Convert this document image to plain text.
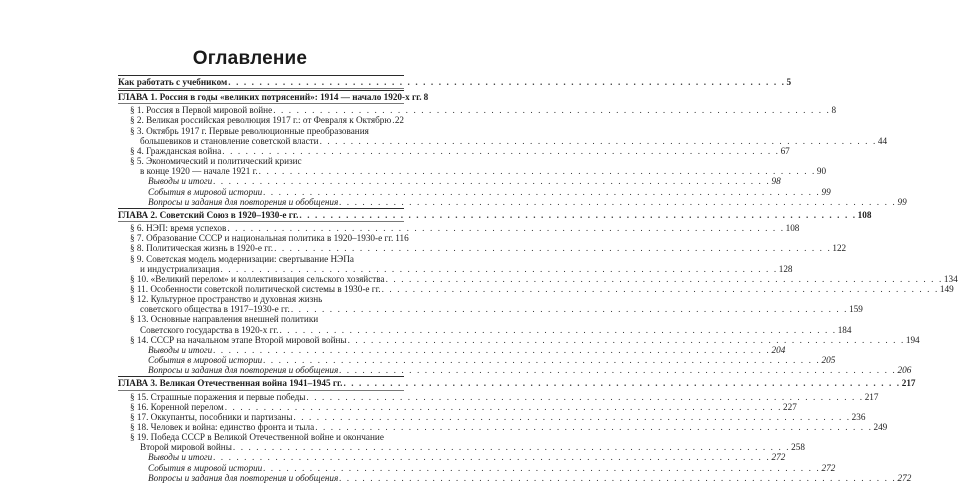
Оглавление
Как работать с учебником . . . . . . . . . . . . . . . . . . . . . . . . . . . . . . . . . . . . . . . . . . . . . . . . . . . . . . . . . . . . . . . . . . . . . . . . 5
ГЛАВА 1. Россия в годы «великих потрясений»: 1914 — начало 1920-х гг. 8
§ 1. Россия в Первой мировой войне . . . . . . . . . . . . . . . . . . . . . . . . . . . . . . . . . . . . . . . . . . . . . . . . . . . . . . . . . . . . . . . . . . . . . . . . 8
§ 2. Великая российская революция 1917 г.: от Февраля к Октябрю 22
§ 3. Октябрь 1917 г. Первые революционные преобразования
большевиков и становление советской власти . . . . . . . . . . . . . . . . . . . . . . . . . . . . . . . . . . . . . . . . . . . . . . . . . . . . . . . . . . . . . . . . . . . . . . . . 44
§ 4. Гражданская война . . . . . . . . . . . . . . . . . . . . . . . . . . . . . . . . . . . . . . . . . . . . . . . . . . . . . . . . . . . . . . . . . . . . . . . . 67
§ 5. Экономический и политический кризис
в конце 1920 — начале 1921 г. . . . . . . . . . . . . . . . . . . . . . . . . . . . . . . . . . . . . . . . . . . . . . . . . . . . . . . . . . . . . . . . . . . . . . . . . 90
Выводы и итоги . . . . . . . . . . . . . . . . . . . . . . . . . . . . . . . . . . . . . . . . . . . . . . . . . . . . . . . . . . . . . . . . . . . . . . . . 98
События в мировой истории . . . . . . . . . . . . . . . . . . . . . . . . . . . . . . . . . . . . . . . . . . . . . . . . . . . . . . . . . . . . . . . . . . . . . . . . 99
Вопросы и задания для повторения и обобщения . . . . . . . . . . . . . . . . . . . . . . . . . . . . . . . . . . . . . . . . . . . . . . . . . . . . . . . . . . . . . . . . . . . . . . . . 99
ГЛАВА 2. Советский Союз в 1920–1930-е гг. . . . . . . . . . . . . . . . . . . . . . . . . . . . . . . . . . . . . . . . . . . . . . . . . . . . . . . . . . . . . . . . . . . . . . . . . 108
§ 6. НЭП: время успехов . . . . . . . . . . . . . . . . . . . . . . . . . . . . . . . . . . . . . . . . . . . . . . . . . . . . . . . . . . . . . . . . . . . . . . . . 108
§ 7. Образование СССР и национальная политика в 1920–1930-е гг. 116
§ 8. Политическая жизнь в 1920-е гг. . . . . . . . . . . . . . . . . . . . . . . . . . . . . . . . . . . . . . . . . . . . . . . . . . . . . . . . . . . . . . . . . . . . . . . . . 122
§ 9. Советская модель модернизации: свертывание НЭПа
и индустриализация . . . . . . . . . . . . . . . . . . . . . . . . . . . . . . . . . . . . . . . . . . . . . . . . . . . . . . . . . . . . . . . . . . . . . . . . 128
§ 10. «Великий перелом» и коллективизация сельского хозяйства . . . . . . . . . . . . . . . . . . . . . . . . . . . . . . . . . . . . . . . . . . . . . . . . . . . . . . . . . . . . . . . . . . . . . . . . 134
§ 11. Особенности советской политической системы в 1930-е гг. . . . . . . . . . . . . . . . . . . . . . . . . . . . . . . . . . . . . . . . . . . . . . . . . . . . . . . . . . . . . . . . . . . . . . . . . 149
§ 12. Культурное пространство и духовная жизнь
советского общества в 1917–1930-е гг. . . . . . . . . . . . . . . . . . . . . . . . . . . . . . . . . . . . . . . . . . . . . . . . . . . . . . . . . . . . . . . . . . . . . . . . . 159
§ 13. Основные направления внешней политики
Советского государства в 1920-х гг. . . . . . . . . . . . . . . . . . . . . . . . . . . . . . . . . . . . . . . . . . . . . . . . . . . . . . . . . . . . . . . . . . . . . . . . . 184
§ 14. СССР на начальном этапе Второй мировой войны . . . . . . . . . . . . . . . . . . . . . . . . . . . . . . . . . . . . . . . . . . . . . . . . . . . . . . . . . . . . . . . . . . . . . . . . 194
Выводы и итоги . . . . . . . . . . . . . . . . . . . . . . . . . . . . . . . . . . . . . . . . . . . . . . . . . . . . . . . . . . . . . . . . . . . . . . . . 204
События в мировой истории . . . . . . . . . . . . . . . . . . . . . . . . . . . . . . . . . . . . . . . . . . . . . . . . . . . . . . . . . . . . . . . . . . . . . . . . 205
Вопросы и задания для повторения и обобщения . . . . . . . . . . . . . . . . . . . . . . . . . . . . . . . . . . . . . . . . . . . . . . . . . . . . . . . . . . . . . . . . . . . . . . . . 206
ГЛАВА 3. Великая Отечественная война 1941–1945 гг. . . . . . . . . . . . . . . . . . . . . . . . . . . . . . . . . . . . . . . . . . . . . . . . . . . . . . . . . . . . . . . . . . . . . . . . . 217
§ 15. Страшные поражения и первые победы . . . . . . . . . . . . . . . . . . . . . . . . . . . . . . . . . . . . . . . . . . . . . . . . . . . . . . . . . . . . . . . . . . . . . . . . 217
§ 16. Коренной перелом . . . . . . . . . . . . . . . . . . . . . . . . . . . . . . . . . . . . . . . . . . . . . . . . . . . . . . . . . . . . . . . . . . . . . . . . 227
§ 17. Оккупанты, пособники и партизаны . . . . . . . . . . . . . . . . . . . . . . . . . . . . . . . . . . . . . . . . . . . . . . . . . . . . . . . . . . . . . . . . . . . . . . . . 236
§ 18. Человек и война: единство фронта и тыла . . . . . . . . . . . . . . . . . . . . . . . . . . . . . . . . . . . . . . . . . . . . . . . . . . . . . . . . . . . . . . . . . . . . . . . . 249
§ 19. Победа СССР в Великой Отечественной войне и окончание
Второй мировой войны . . . . . . . . . . . . . . . . . . . . . . . . . . . . . . . . . . . . . . . . . . . . . . . . . . . . . . . . . . . . . . . . . . . . . . . . 258
Выводы и итоги . . . . . . . . . . . . . . . . . . . . . . . . . . . . . . . . . . . . . . . . . . . . . . . . . . . . . . . . . . . . . . . . . . . . . . . . 272
События в мировой истории . . . . . . . . . . . . . . . . . . . . . . . . . . . . . . . . . . . . . . . . . . . . . . . . . . . . . . . . . . . . . . . . . . . . . . . . 272
Вопросы и задания для повторения и обобщения . . . . . . . . . . . . . . . . . . . . . . . . . . . . . . . . . . . . . . . . . . . . . . . . . . . . . . . . . . . . . . . . . . . . . . . . 272
